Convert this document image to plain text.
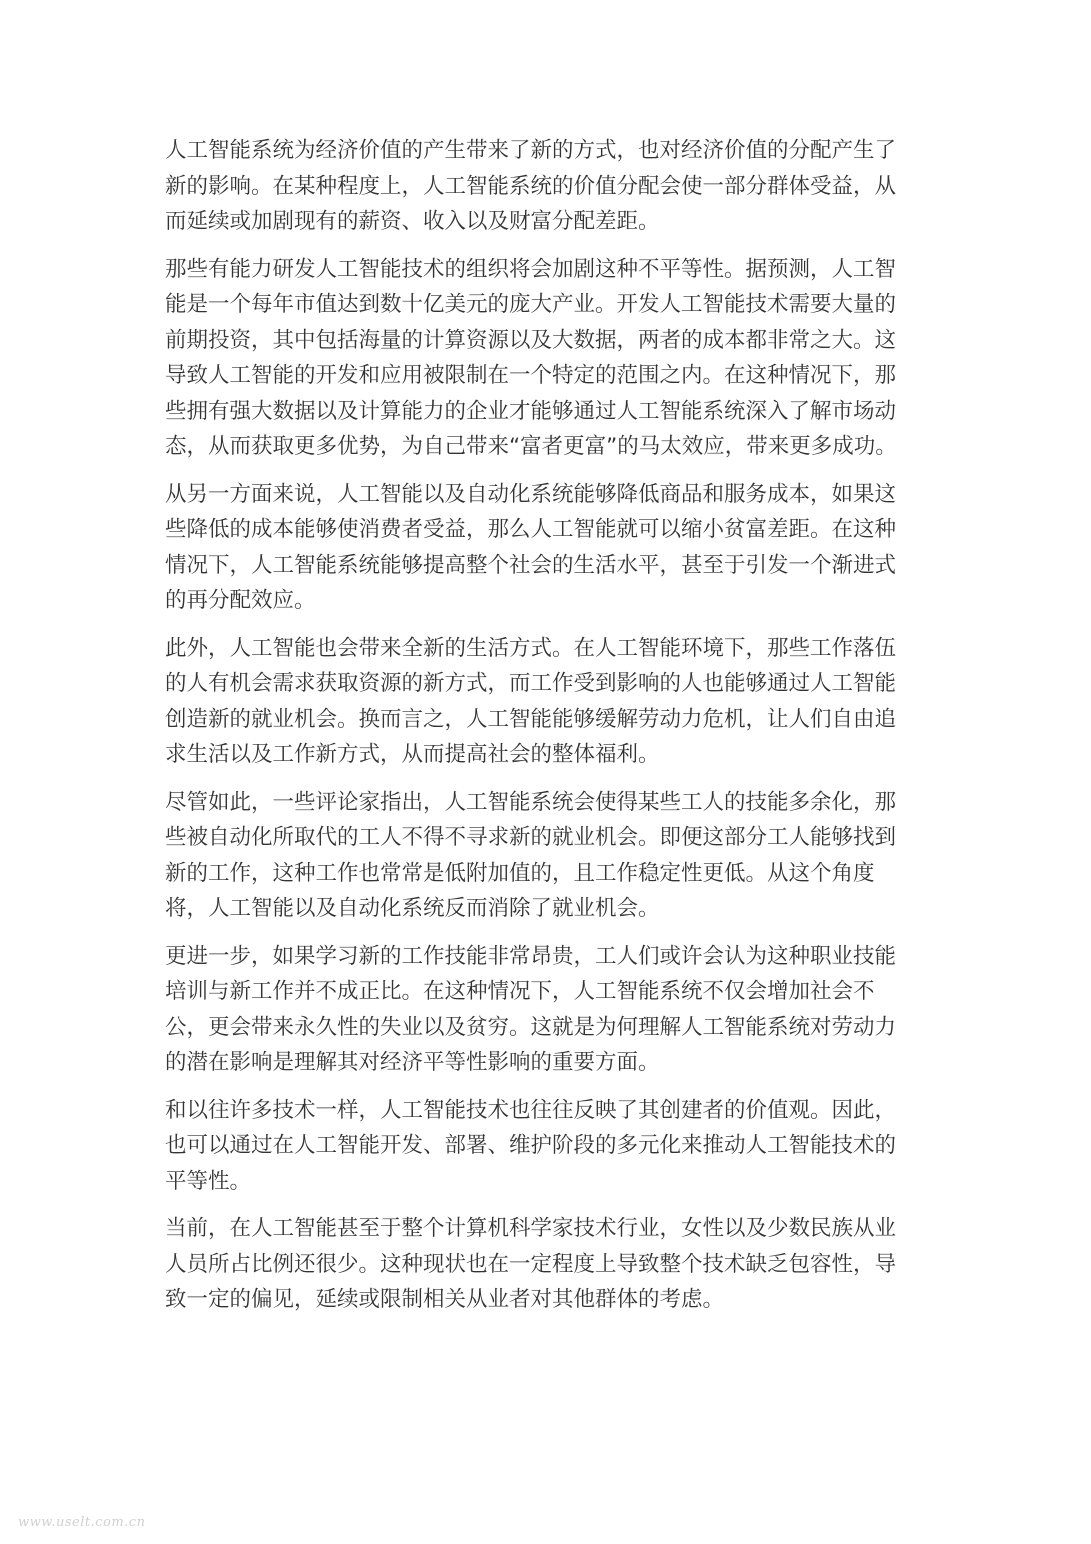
人工智能系统为经济价值的产生带来了新的方式，也对经济价值的分配产生了新的影响。在某种程度上，人工智能系统的价值分配会使一部分群体受益，从而延续或加剧现有的薪资、收入以及财富分配差距。

那些有能力研发人工智能技术的组织将会加剧这种不平等性。据预测，人工智能是一个每年市值达到数十亿美元的庞大产业。开发人工智能技术需要大量的前期投资，其中包括海量的计算资源以及大数据，两者的成本都非常之大。这导致人工智能的开发和应用被限制在一个特定的范围之内。在这种情况下，那些拥有强大数据以及计算能力的企业才能够通过人工智能系统深入了解市场动态，从而获取更多优势，为自己带来“富者更富”的马太效应，带来更多成功。

从另一方面来说，人工智能以及自动化系统能够降低商品和服务成本，如果这些降低的成本能够使消费者受益，那么人工智能就可以缩小贫富差距。在这种情况下，人工智能系统能够提高整个社会的生活水平，甚至于引发一个渐进式的再分配效应。

此外，人工智能也会带来全新的生活方式。在人工智能环境下，那些工作落伍的人有机会需求获取资源的新方式，而工作受到影响的人也能够通过人工智能创造新的就业机会。换而言之，人工智能能够缓解劳动力危机，让人们自由追求生活以及工作新方式，从而提高社会的整体福利。

尽管如此，一些评论家指出，人工智能系统会使得某些工人的技能多余化，那些被自动化所取代的工人不得不寻求新的就业机会。即便这部分工人能够找到新的工作，这种工作也常常是低附加值的，且工作稳定性更低。从这个角度将，人工智能以及自动化系统反而消除了就业机会。

更进一步，如果学习新的工作技能非常昂贵，工人们或许会认为这种职业技能培训与新工作并不成正比。在这种情况下，人工智能系统不仅会增加社会不公，更会带来永久性的失业以及贫穷。这就是为何理解人工智能系统对劳动力的潜在影响是理解其对经济平等性影响的重要方面。

和以往许多技术一样，人工智能技术也往往反映了其创建者的价值观。因此，也可以通过在人工智能开发、部署、维护阶段的多元化来推动人工智能技术的平等性。

当前，在人工智能甚至于整个计算机科学家技术行业，女性以及少数民族从业人员所占比例还很少。这种现状也在一定程度上导致整个技术缺乏包容性，导致一定的偏见，延续或限制相关从业者对其他群体的考虑。

www.uselt.com.cn
